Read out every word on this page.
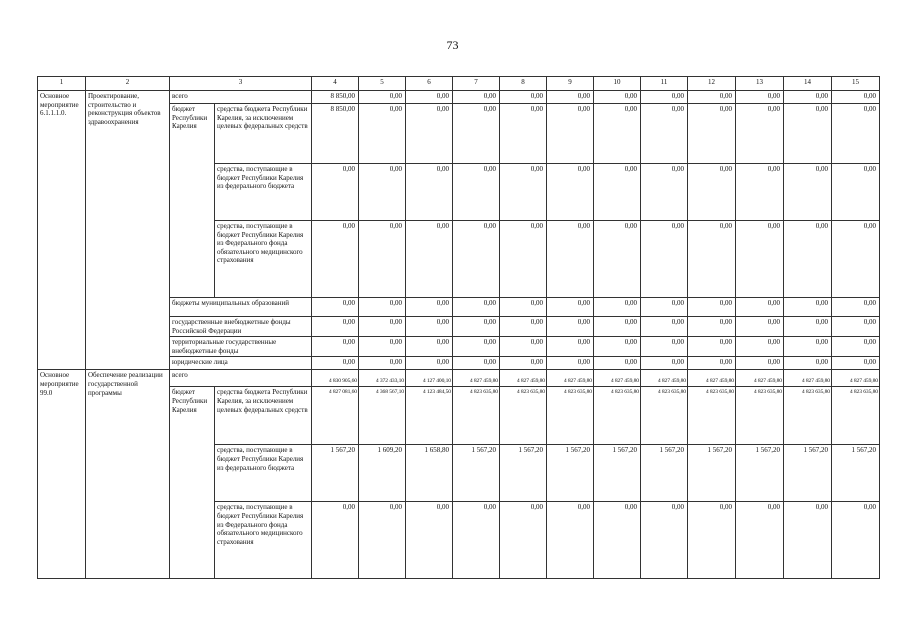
73
1	2	3		4	5	6	7	8	9	10	11	12	13	14	15
Основное мероприятие 6.1.1.1.0.	Проектирование, строительство и реконструкция объектов здравоохранения	всего		8 850,00	0,00	0,00	0,00	0,00	0,00	0,00	0,00	0,00	0,00	0,00	0,00
		бюджет Республики Карелия	средства бюджета Республики Карелия, за исключением целевых федеральных средств	8 850,00	0,00	0,00	0,00	0,00	0,00	0,00	0,00	0,00	0,00	0,00	0,00
			средства, поступающие в бюджет Республики Карелия из федерального бюджета	0,00	0,00	0,00	0,00	0,00	0,00	0,00	0,00	0,00	0,00	0,00	0,00
			средства, поступающие в бюджет Республики Карелия из Федерального фонда обязательного медицинского страхования	0,00	0,00	0,00	0,00	0,00	0,00	0,00	0,00	0,00	0,00	0,00	0,00
		бюджеты муниципальных образований		0,00	0,00	0,00	0,00	0,00	0,00	0,00	0,00	0,00	0,00	0,00	0,00
		государственные внебюджетные фонды Российской Федерации		0,00	0,00	0,00	0,00	0,00	0,00	0,00	0,00	0,00	0,00	0,00	0,00
		территориальные государственные внебюджетные фонды		0,00	0,00	0,00	0,00	0,00	0,00	0,00	0,00	0,00	0,00	0,00	0,00
		юридические лица		0,00	0,00	0,00	0,00	0,00	0,00	0,00	0,00	0,00	0,00	0,00	0,00
Основное мероприятие 99.0	Обеспечение реализации государственной программы	всего		4 830 905,60	4 372 433,10	4 127 400,10	4 827 459,80	4 827 459,80	4 827 459,80	4 827 459,80	4 827 459,80	4 827 459,80	4 827 459,80	4 827 459,80	4 827 459,80
		бюджет Республики Карелия	средства бюджета Республики Карелия, за исключением целевых федеральных средств	4 827 081,60	4 368 567,10	4 123 484,50	4 823 635,80	4 823 635,80	4 823 635,80	4 823 635,80	4 823 635,80	4 823 635,80	4 823 635,80	4 823 635,80	4 823 635,80
			средства, поступающие в бюджет Республики Карелия из федерального бюджета	1 567,20	1 609,20	1 658,80	1 567,20	1 567,20	1 567,20	1 567,20	1 567,20	1 567,20	1 567,20	1 567,20	1 567,20
			средства, поступающие в бюджет Республики Карелия из Федерального фонда обязательного медицинского страхования	0,00	0,00	0,00	0,00	0,00	0,00	0,00	0,00	0,00	0,00	0,00	0,00
